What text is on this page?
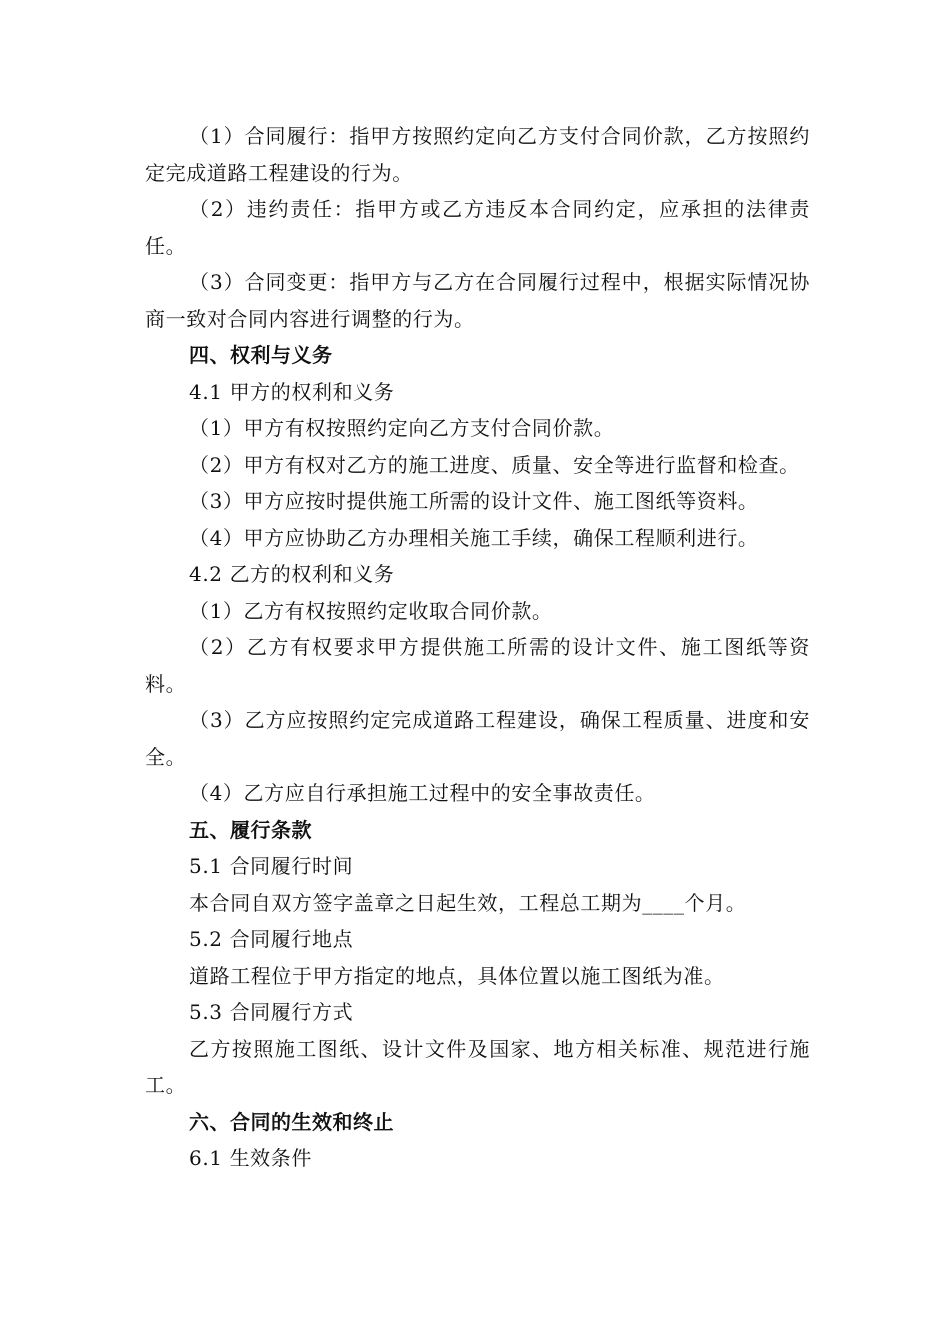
（1）合同履行：指甲方按照约定向乙方支付合同价款，乙方按照约定完成道路工程建设的行为。

（2）违约责任：指甲方或乙方违反本合同约定，应承担的法律责任。

（3）合同变更：指甲方与乙方在合同履行过程中，根据实际情况协商一致对合同内容进行调整的行为。

四、权利与义务

4.1 甲方的权利和义务

（1）甲方有权按照约定向乙方支付合同价款。

（2）甲方有权对乙方的施工进度、质量、安全等进行监督和检查。

（3）甲方应按时提供施工所需的设计文件、施工图纸等资料。

（4）甲方应协助乙方办理相关施工手续，确保工程顺利进行。

4.2 乙方的权利和义务

（1）乙方有权按照约定收取合同价款。

（2）乙方有权要求甲方提供施工所需的设计文件、施工图纸等资料。

（3）乙方应按照约定完成道路工程建设，确保工程质量、进度和安全。

（4）乙方应自行承担施工过程中的安全事故责任。

五、履行条款

5.1 合同履行时间

本合同自双方签字盖章之日起生效，工程总工期为____个月。

5.2 合同履行地点

道路工程位于甲方指定的地点，具体位置以施工图纸为准。

5.3 合同履行方式

乙方按照施工图纸、设计文件及国家、地方相关标准、规范进行施工。

六、合同的生效和终止

6.1 生效条件
